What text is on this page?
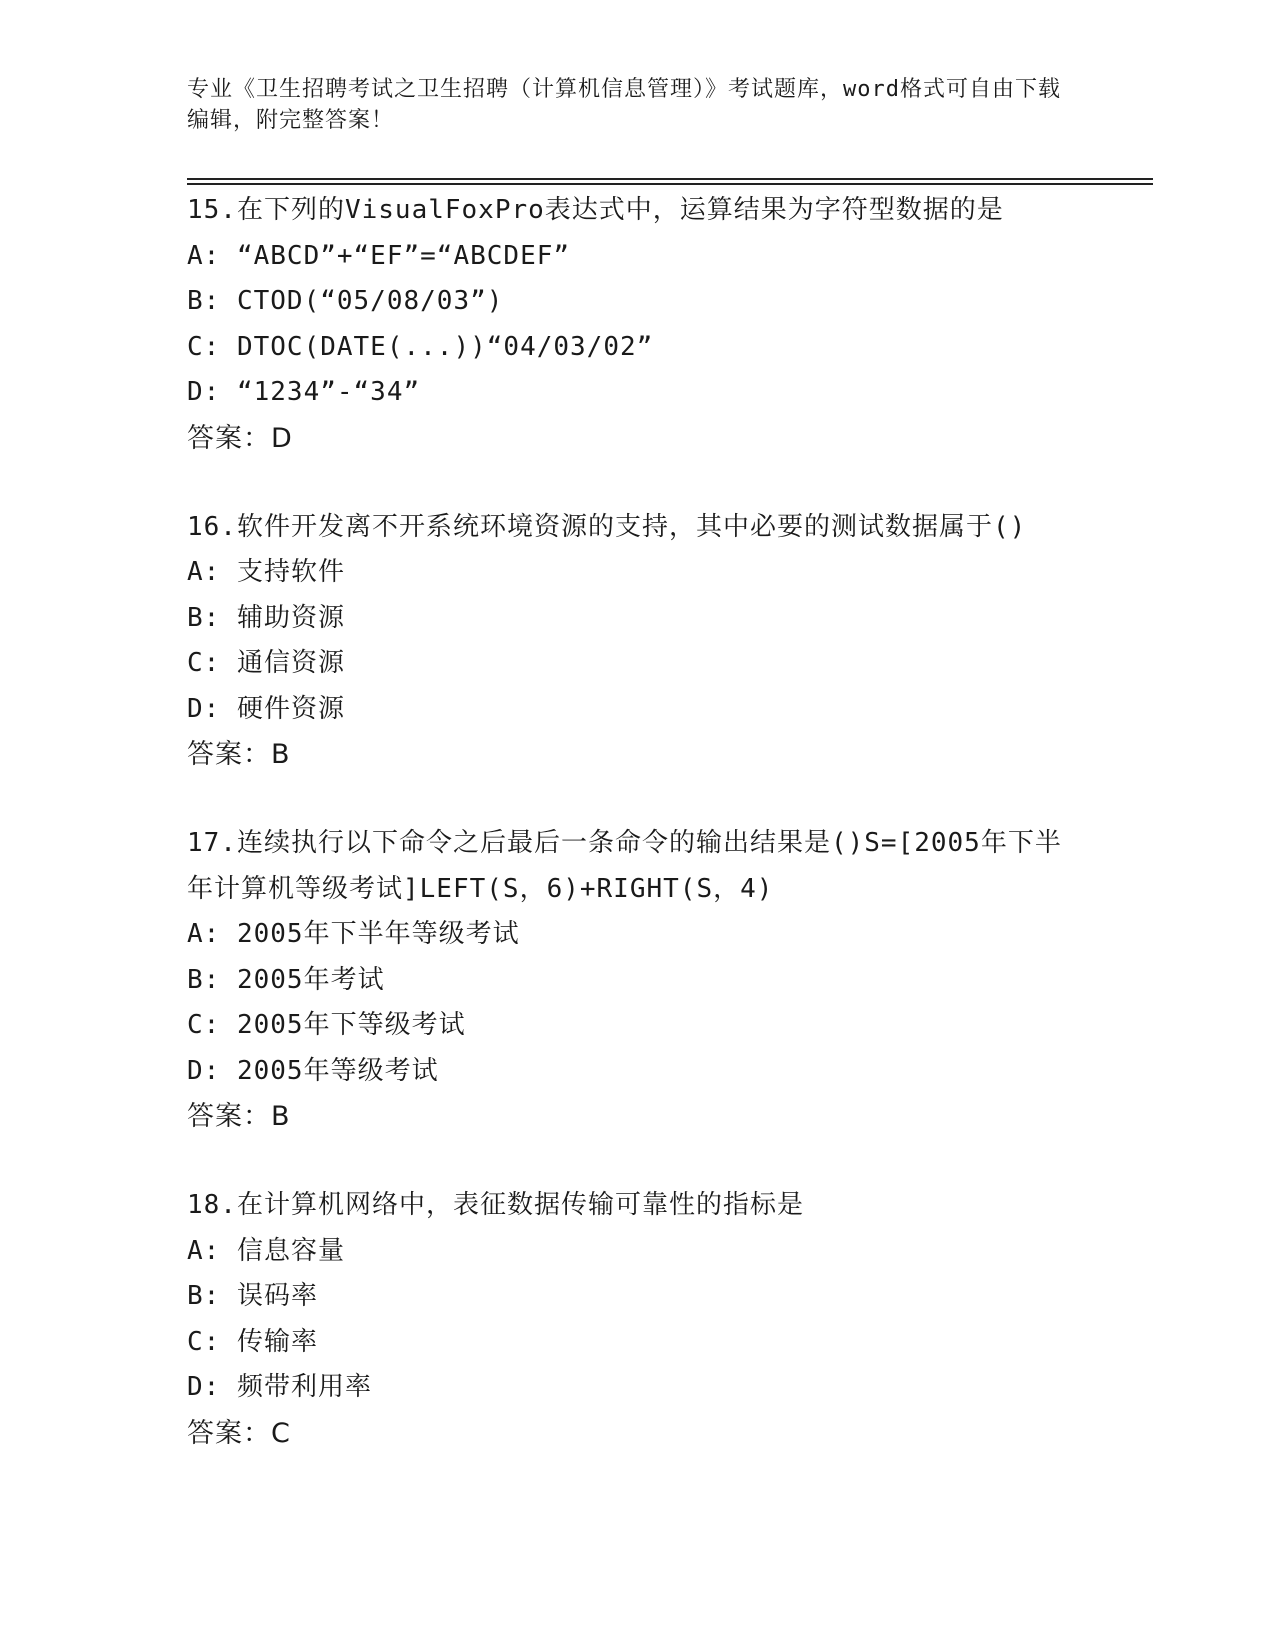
专业《卫生招聘考试之卫生招聘（计算机信息管理）》考试题库，word格式可自由下载编辑，附完整答案！
15.在下列的VisualFoxPro表达式中，运算结果为字符型数据的是
A: “ABCD”+“EF”=“ABCDEF”
B: CTOD(“05/08/03”)
C: DTOC(DATE(...))“04/03/02”
D: “1234”-“34”
答案：D
16.软件开发离不开系统环境资源的支持，其中必要的测试数据属于()
A: 支持软件
B: 辅助资源
C: 通信资源
D: 硬件资源
答案：B
17.连续执行以下命令之后最后一条命令的输出结果是()S=[2005年下半年计算机等级考试]LEFT(S，6)+RIGHT(S，4)
A: 2005年下半年等级考试
B: 2005年考试
C: 2005年下等级考试
D: 2005年等级考试
答案：B
18.在计算机网络中，表征数据传输可靠性的指标是
A: 信息容量
B: 误码率
C: 传输率
D: 频带利用率
答案：C
